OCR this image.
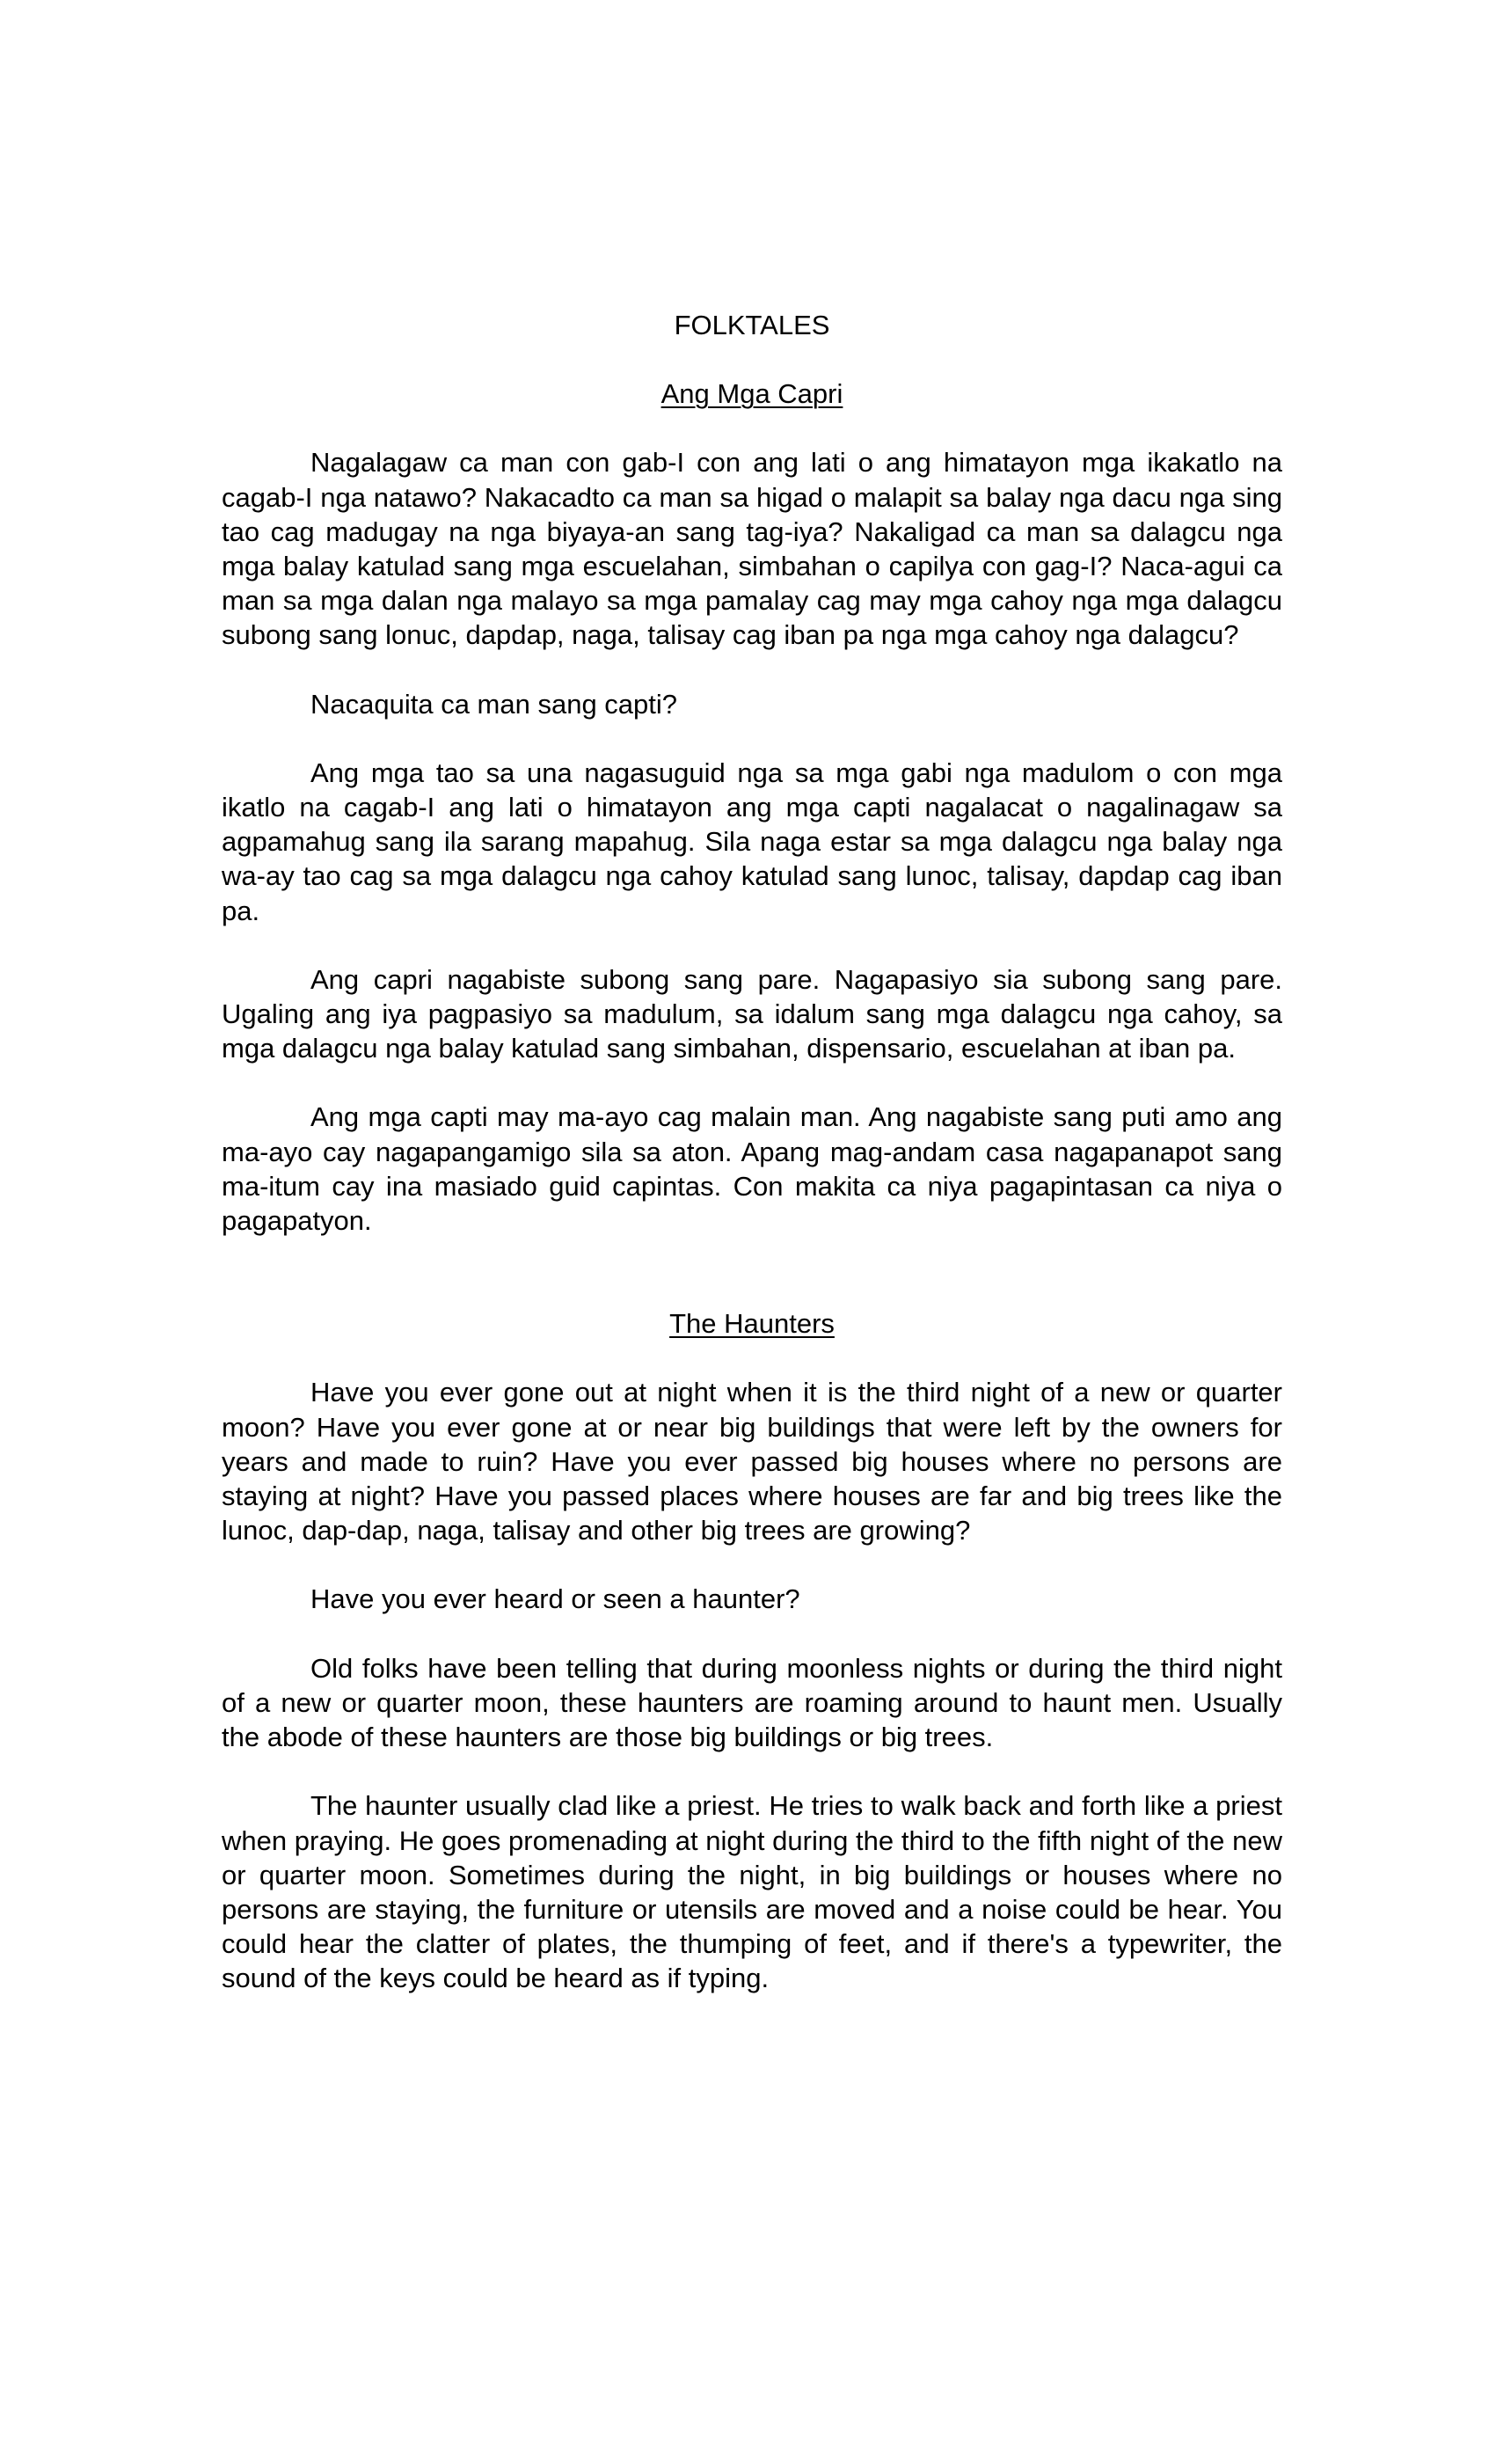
FOLKTALES
Ang Mga Capri

Nagalagaw ca man con gab-I con ang lati o ang himatayon mga ikakatlo na cagab-I nga natawo? Nakacadto ca man sa higad o malapit sa balay nga dacu nga sing tao cag madugay na nga biyaya-an sang tag-iya? Nakaligad ca man sa dalagcu nga mga balay katulad sang mga escuelahan, simbahan o capilya con gag-I? Naca-agui ca man sa mga dalan nga malayo sa mga pamalay cag may mga cahoy nga mga dalagcu subong sang lonuc, dapdap, naga, talisay cag iban pa nga mga cahoy nga dalagcu?

Nacaquita ca man sang capti?

Ang mga tao sa una nagasuguid nga sa mga gabi nga madulom o con mga ikatlo na cagab-I ang lati o himatayon ang mga capti nagalacat o nagalinagaw sa agpamahug sang ila sarang mapahug. Sila naga estar sa mga dalagcu nga balay nga wa-ay tao cag sa mga dalagcu nga cahoy katulad sang lunoc, talisay, dapdap cag iban pa.

Ang capri nagabiste subong sang pare. Nagapasiyo sia subong sang pare. Ugaling ang iya pagpasiyo sa madulum, sa idalum sang mga dalagcu nga cahoy, sa mga dalagcu nga balay katulad sang simbahan, dispensario, escuelahan at iban pa.

Ang mga capti may ma-ayo cag malain man. Ang nagabiste sang puti amo ang ma-ayo cay nagapangamigo sila sa aton. Apang mag-andam casa nagapanapot sang ma-itum cay ina masiado guid capintas. Con makita ca niya pagapintasan ca niya o pagapatyon.

The Haunters

Have you ever gone out at night when it is the third night of a new or quarter moon? Have you ever gone at or near big buildings that were left by the owners for years and made to ruin? Have you ever passed big houses where no persons are staying at night? Have you passed places where houses are far and big trees like the lunoc, dap-dap, naga, talisay and other big trees are growing?

Have you ever heard or seen a haunter?

Old folks have been telling that during moonless nights or during the third night of a new or quarter moon, these haunters are roaming around to haunt men. Usually the abode of these haunters are those big buildings or big trees.

The haunter usually clad like a priest. He tries to walk back and forth like a priest when praying. He goes promenading at night during the third to the fifth night of the new or quarter moon. Sometimes during the night, in big buildings or houses where no persons are staying, the furniture or utensils are moved and a noise could be hear. You could hear the clatter of plates, the thumping of feet, and if there's a typewriter, the sound of the keys could be heard as if typing.
